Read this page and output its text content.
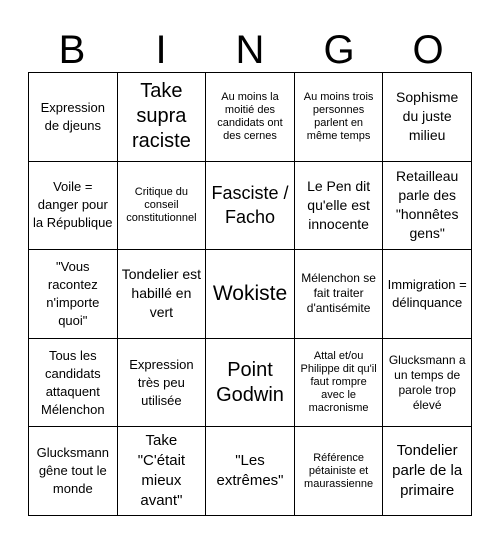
B	I	N	G	O
Expression de djeuns
Take supra raciste
Au moins la moitié des candidats ont des cernes
Au moins trois personnes parlent en même temps
Sophisme du juste milieu
Voile = danger pour la République
Critique du conseil constitutionnel
Fasciste / Facho
Le Pen dit qu'elle est innocente
Retailleau parle des "honnêtes gens"
"Vous racontez n'importe quoi"
Tondelier est habillé en vert
Wokiste
Mélenchon se fait traiter d'antisémite
Immigration = délinquance
Tous les candidats attaquent Mélenchon
Expression très peu utilisée
Point Godwin
Attal et/ou Philippe dit qu'il faut rompre avec le macronisme
Glucksmann a un temps de parole trop élevé
Glucksmann gêne tout le monde
Take "C'était mieux avant"
"Les extrêmes"
Référence pétainiste et maurassienne
Tondelier parle de la primaire
